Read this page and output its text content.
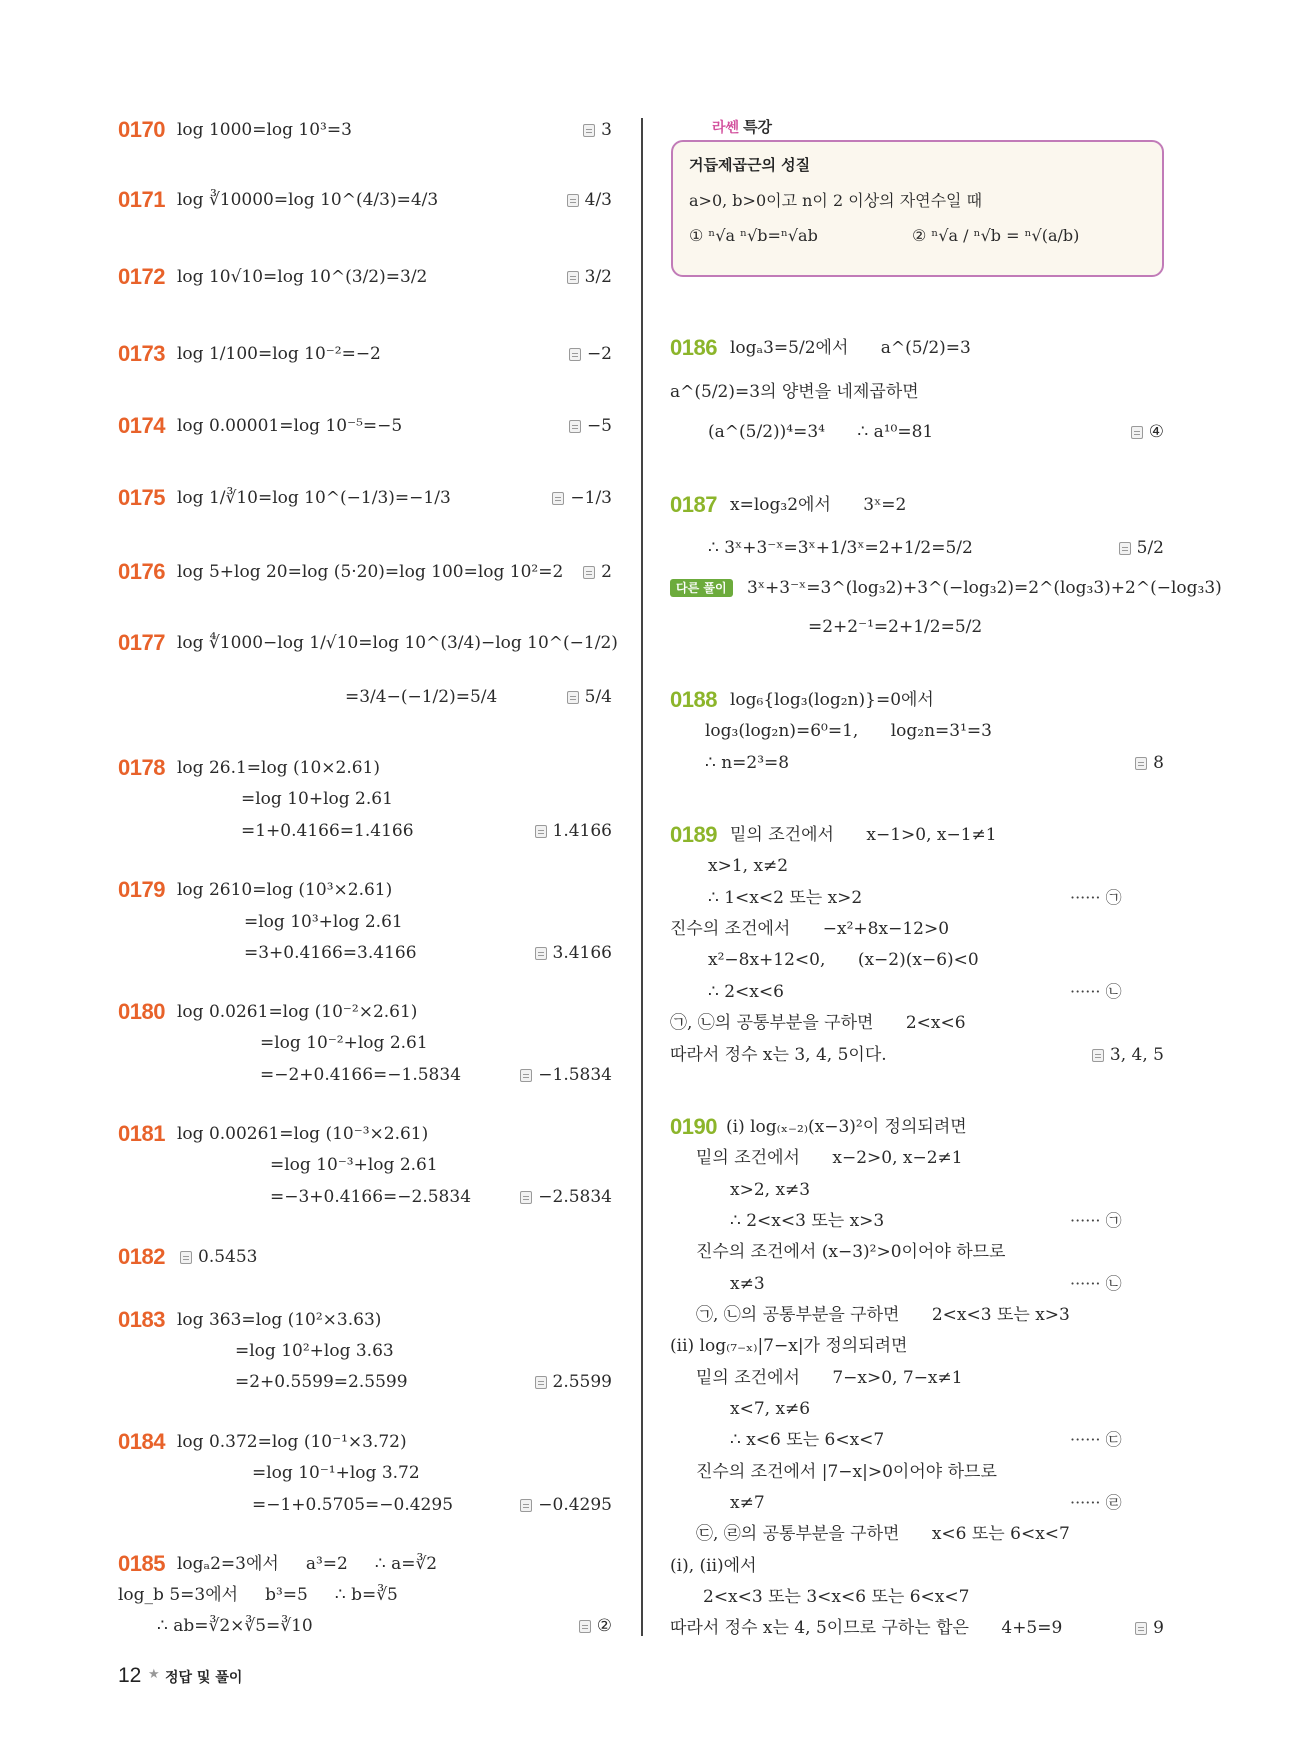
0170 log 1000=log 10³=3	3
0171 log ∛10000=log 10^(4/3)=4/3	4/3
0172 log 10√10=log 10^(3/2)=3/2	3/2
0173 log 1/100=log 10⁻²=−2	−2
0174 log 0.00001=log 10⁻⁵=−5	−5
0175 log 1/∛10=log 10^(−1/3)=−1/3	−1/3
0176 log 5+log 20=log (5·20)=log 100=log 10²=2 2
0177 log ∜1000−log 1/√10=log 10^(3/4)−log 10^(−1/2)
=3/4−(−1/2)=5/4	5/4
0178 log 26.1=log (10×2.61)
=log 10+log 2.61
=1+0.4166=1.4166	1.4166
0179 log 2610=log (10³×2.61)
=log 10³+log 2.61
=3+0.4166=3.4166	3.4166
0180 log 0.0261=log (10⁻²×2.61)
=log 10⁻²+log 2.61
=−2+0.4166=−1.5834	−1.5834
0181 log 0.00261=log (10⁻³×2.61)
=log 10⁻³+log 2.61
=−3+0.4166=−2.5834	−2.5834
0182 0.5453
0183 log 363=log (10²×3.63)
=log 10²+log 3.63
=2+0.5599=2.5599	2.5599
0184 log 0.372=log (10⁻¹×3.72)
=log 10⁻¹+log 3.72
=−1+0.5705=−0.4295	−0.4295
0185 logₐ2=3에서     a³=2     ∴ a=∛2
log_b 5=3에서     b³=5     ∴ b=∛5
∴ ab=∛2×∛5=∛10	②
라쎈 특강
거듭제곱근의 성질
a>0, b>0이고 n이 2 이상의 자연수일 때
① ⁿ√a ⁿ√b=ⁿ√ab	② ⁿ√a / ⁿ√b = ⁿ√(a/b)
0186 logₐ3=5/2에서      a^(5/2)=3
a^(5/2)=3의 양변을 네제곱하면
(a^(5/2))⁴=3⁴      ∴ a¹⁰=81	④
0187 x=log₃2에서      3ˣ=2
∴ 3ˣ+3⁻ˣ=3ˣ+1/3ˣ=2+1/2=5/2	5/2
다른 풀이	3ˣ+3⁻ˣ=3^(log₃2)+3^(−log₃2)=2^(log₃3)+2^(−log₃3)
=2+2⁻¹=2+1/2=5/2
0188 log₆{log₃(log₂n)}=0에서
log₃(log₂n)=6⁰=1,      log₂n=3¹=3
∴ n=2³=8	8
0189 밑의 조건에서      x−1>0, x−1≠1
x>1, x≠2
∴ 1<x<2 또는 x>2	······ ㉠
진수의 조건에서      −x²+8x−12>0
x²−8x+12<0,      (x−2)(x−6)<0
∴ 2<x<6	······ ㉡
㉠, ㉡의 공통부분을 구하면      2<x<6
따라서 정수 x는 3, 4, 5이다.	3, 4, 5
0190 (i) log₍ₓ₋₂₎(x−3)²이 정의되려면
밑의 조건에서      x−2>0, x−2≠1
x>2, x≠3
∴ 2<x<3 또는 x>3	······ ㉠
진수의 조건에서 (x−3)²>0이어야 하므로
x≠3	······ ㉡
㉠, ㉡의 공통부분을 구하면      2<x<3 또는 x>3
(ii) log₍₇₋ₓ₎|7−x|가 정의되려면
밑의 조건에서      7−x>0, 7−x≠1
x<7, x≠6
∴ x<6 또는 6<x<7	······ ㉢
진수의 조건에서 |7−x|>0이어야 하므로
x≠7	······ ㉣
㉢, ㉣의 공통부분을 구하면      x<6 또는 6<x<7
(i), (ii)에서
2<x<3 또는 3<x<6 또는 6<x<7
따라서 정수 x는 4, 5이므로 구하는 합은      4+5=9	9
12 ★ 정답 및 풀이
